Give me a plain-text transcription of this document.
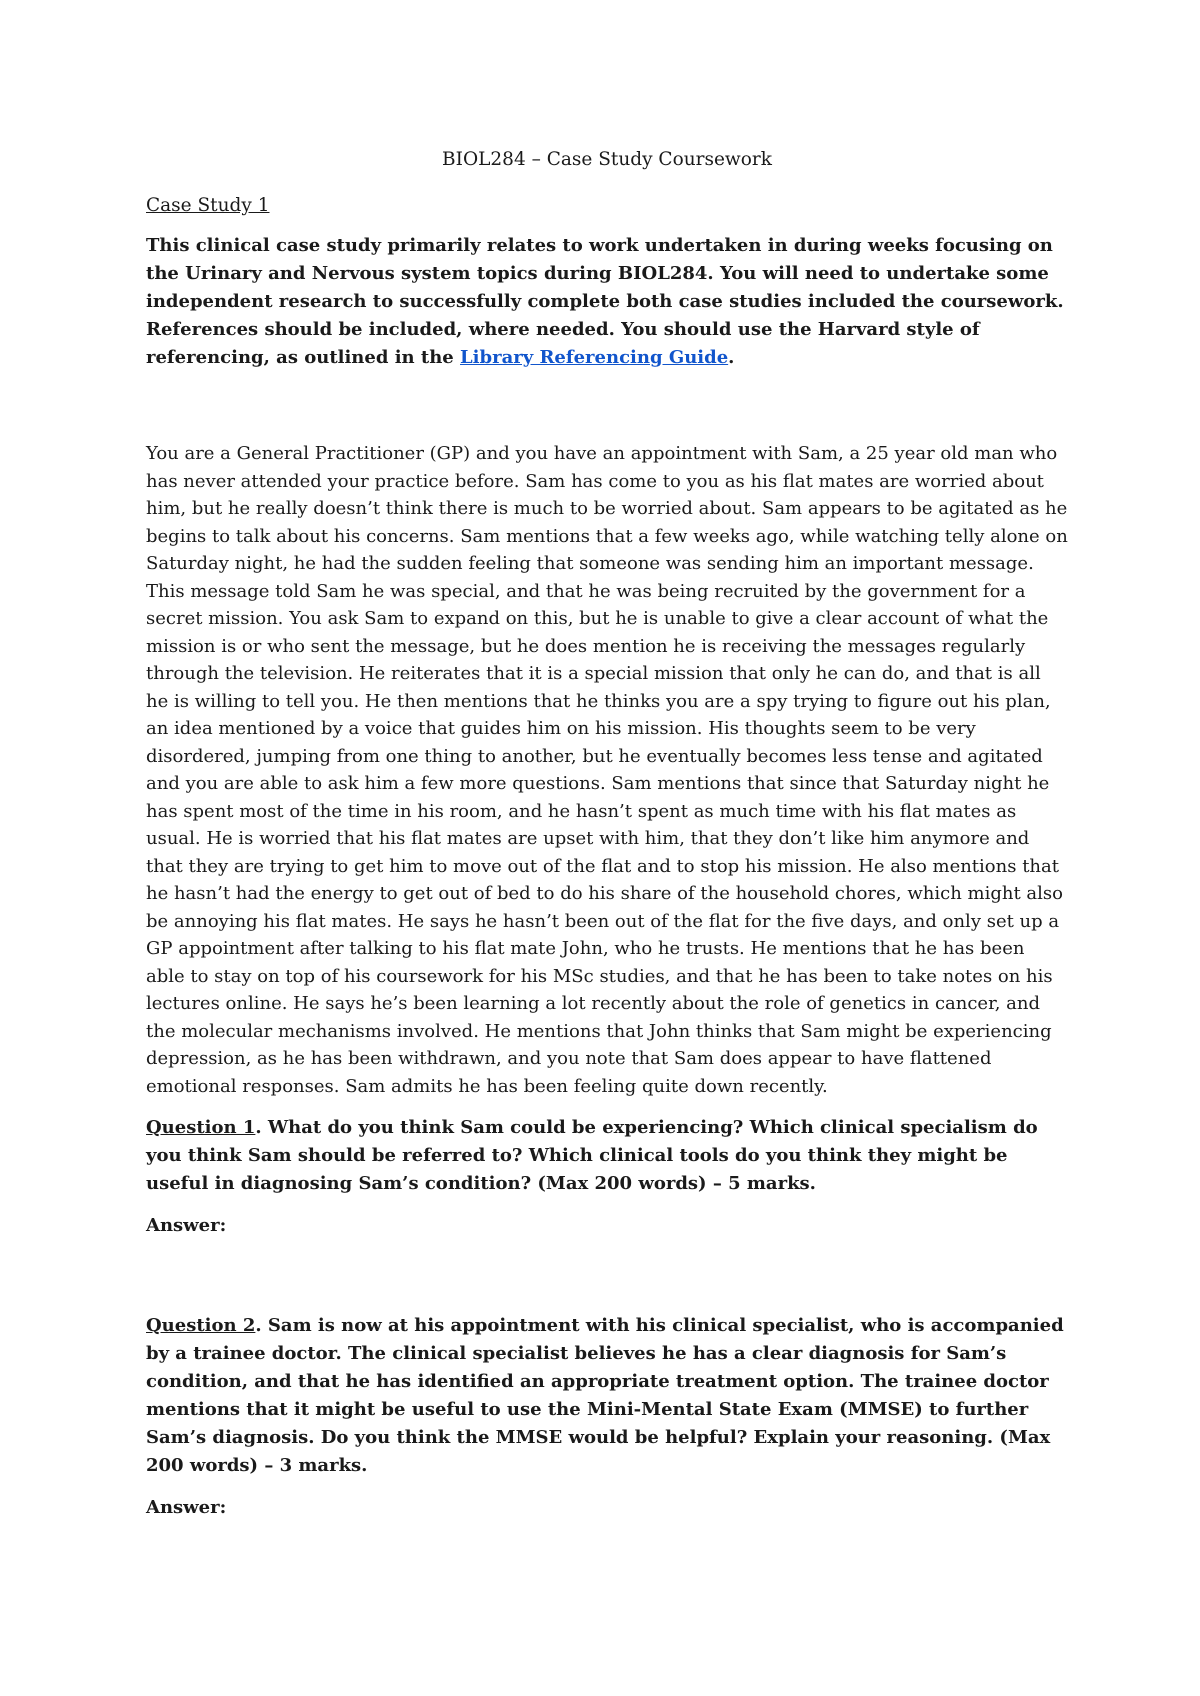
BIOL284 – Case Study Coursework

Case Study 1

This clinical case study primarily relates to work undertaken in during weeks focusing on the Urinary and Nervous system topics during BIOL284. You will need to undertake some independent research to successfully complete both case studies included the coursework. References should be included, where needed. You should use the Harvard style of referencing, as outlined in the Library Referencing Guide.

You are a General Practitioner (GP) and you have an appointment with Sam, a 25 year old man who has never attended your practice before. Sam has come to you as his flat mates are worried about him, but he really doesn’t think there is much to be worried about. Sam appears to be agitated as he begins to talk about his concerns. Sam mentions that a few weeks ago, while watching telly alone on Saturday night, he had the sudden feeling that someone was sending him an important message. This message told Sam he was special, and that he was being recruited by the government for a secret mission. You ask Sam to expand on this, but he is unable to give a clear account of what the mission is or who sent the message, but he does mention he is receiving the messages regularly through the television. He reiterates that it is a special mission that only he can do, and that is all he is willing to tell you. He then mentions that he thinks you are a spy trying to figure out his plan, an idea mentioned by a voice that guides him on his mission. His thoughts seem to be very disordered, jumping from one thing to another, but he eventually becomes less tense and agitated and you are able to ask him a few more questions. Sam mentions that since that Saturday night he has spent most of the time in his room, and he hasn’t spent as much time with his flat mates as usual. He is worried that his flat mates are upset with him, that they don’t like him anymore and that they are trying to get him to move out of the flat and to stop his mission. He also mentions that he hasn’t had the energy to get out of bed to do his share of the household chores, which might also be annoying his flat mates. He says he hasn’t been out of the flat for the five days, and only set up a GP appointment after talking to his flat mate John, who he trusts. He mentions that he has been able to stay on top of his coursework for his MSc studies, and that he has been to take notes on his lectures online. He says he’s been learning a lot recently about the role of genetics in cancer, and the molecular mechanisms involved. He mentions that John thinks that Sam might be experiencing depression, as he has been withdrawn, and you note that Sam does appear to have flattened emotional responses. Sam admits he has been feeling quite down recently.

Question 1. What do you think Sam could be experiencing? Which clinical specialism do you think Sam should be referred to? Which clinical tools do you think they might be useful in diagnosing Sam’s condition? (Max 200 words) – 5 marks.

Answer:

Question 2. Sam is now at his appointment with his clinical specialist, who is accompanied by a trainee doctor. The clinical specialist believes he has a clear diagnosis for Sam’s condition, and that he has identified an appropriate treatment option. The trainee doctor mentions that it might be useful to use the Mini-Mental State Exam (MMSE) to further Sam’s diagnosis. Do you think the MMSE would be helpful? Explain your reasoning. (Max 200 words) – 3 marks.

Answer:
